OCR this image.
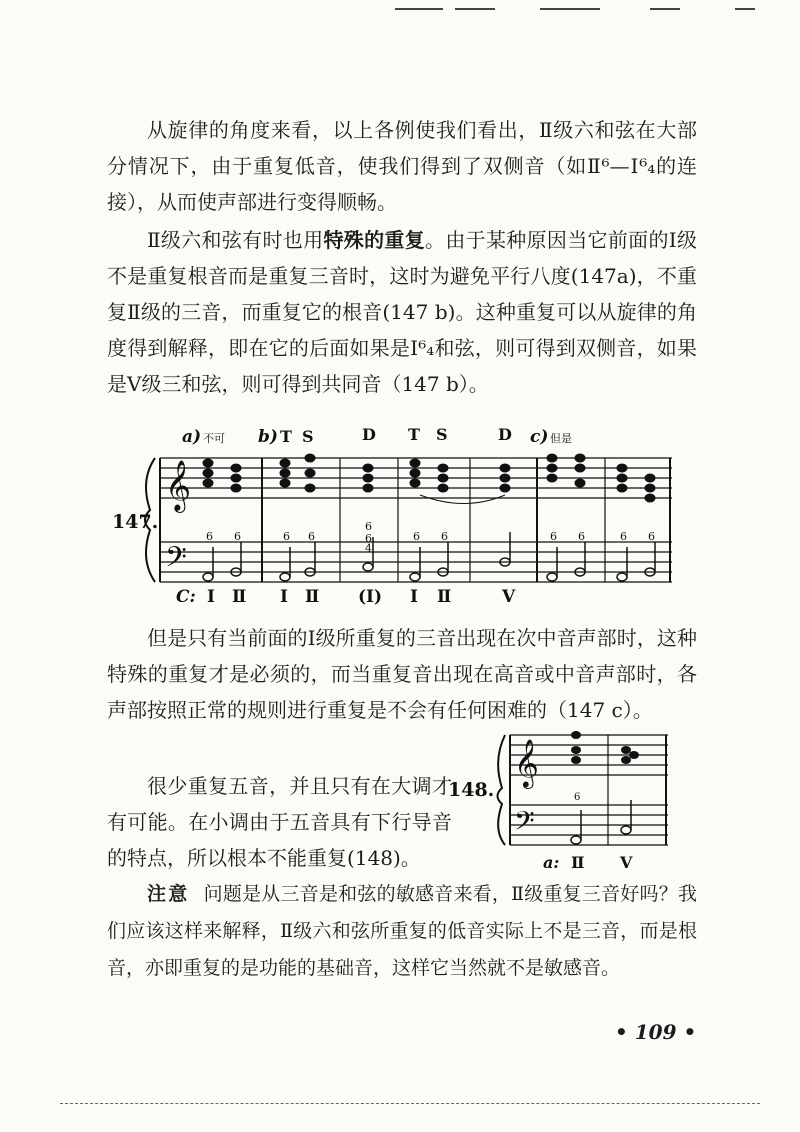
从旋律的角度来看，以上各例使我们看出，Ⅱ级六和弦在大部分情况下，由于重复低音，使我们得到了双侧音（如Ⅱ⁶—Ⅰ⁶₄的连接），从而使声部进行变得顺畅。

Ⅱ级六和弦有时也用特殊的重复。由于某种原因当它前面的Ⅰ级不是重复根音而是重复三音时，这时为避免平行八度(147a)，不重复Ⅱ级的三音，而重复它的根音(147 b)。这种重复可以从旋律的角度得到解释，即在它的后面如果是Ⅰ⁶₄和弦，则可得到双侧音，如果是Ⅴ级三和弦，则可得到共同音（147 b）。

𝄞
𝄢
147.
a) 不可 b)	c) 但是
T S	D T S	D
6 6	6 6
6
6
4
6 6	6 6	6 6
C: Ⅰ Ⅱ Ⅰ Ⅱ (Ⅰ) Ⅰ Ⅱ	Ⅴ

但是只有当前面的Ⅰ级所重复的三音出现在次中音声部时，这种特殊的重复才是必须的，而当重复音出现在高音或中音声部时，各声部按照正常的规则进行重复是不会有任何困难的（147 c）。

很少重复五音，并且只有在大调才有可能。在小调由于五音具有下行导音的特点，所以根本不能重复(148)。

𝄞
𝄢
6
148.
a: Ⅱ Ⅴ

注意 问题是从三音是和弦的敏感音来看，Ⅱ级重复三音好吗？我们应该这样来解释，Ⅱ级六和弦所重复的低音实际上不是三音，而是根音，亦即重复的是功能的基础音，这样它当然就不是敏感音。

• 109 •
